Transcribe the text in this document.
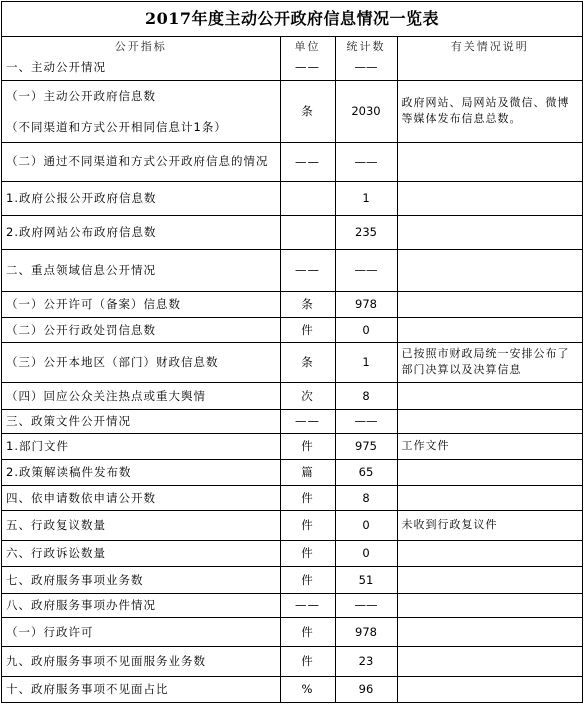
2017年度主动公开政府信息情况一览表
公开指标	单位	统计数	有关情况说明
一、主动公开情况	——	——	
（一）主动公开政府信息数
（不同渠道和方式公开相同信息计1条）	条	2030	政府网站、局网站及微信、微博等媒体发布信息总数。
（二）通过不同渠道和方式公开政府信息的情况	——	——	
1.政府公报公开政府信息数		1	
2.政府网站公布政府信息数		235	
二、重点领域信息公开情况	——	——	
（一）公开许可（备案）信息数	条	978	
（二）公开行政处罚信息数	件	0	
（三）公开本地区（部门）财政信息数	条	1	已按照市财政局统一安排公布了部门决算以及决算信息
（四）回应公众关注热点或重大舆情	次	8	
三、政策文件公开情况	——	——	
1.部门文件	件	975	工作文件
2.政策解读稿件发布数	篇	65	
四、依申请数依申请公开数	件	8	
五、行政复议数量	件	0	未收到行政复议件
六、行政诉讼数量	件	0	
七、政府服务事项业务数	件	51	
八、政府服务事项办件情况	——	——	
（一）行政许可	件	978	
九、政府服务事项不见面服务业务数	件	23	
十、政府服务事项不见面占比	%	96	
